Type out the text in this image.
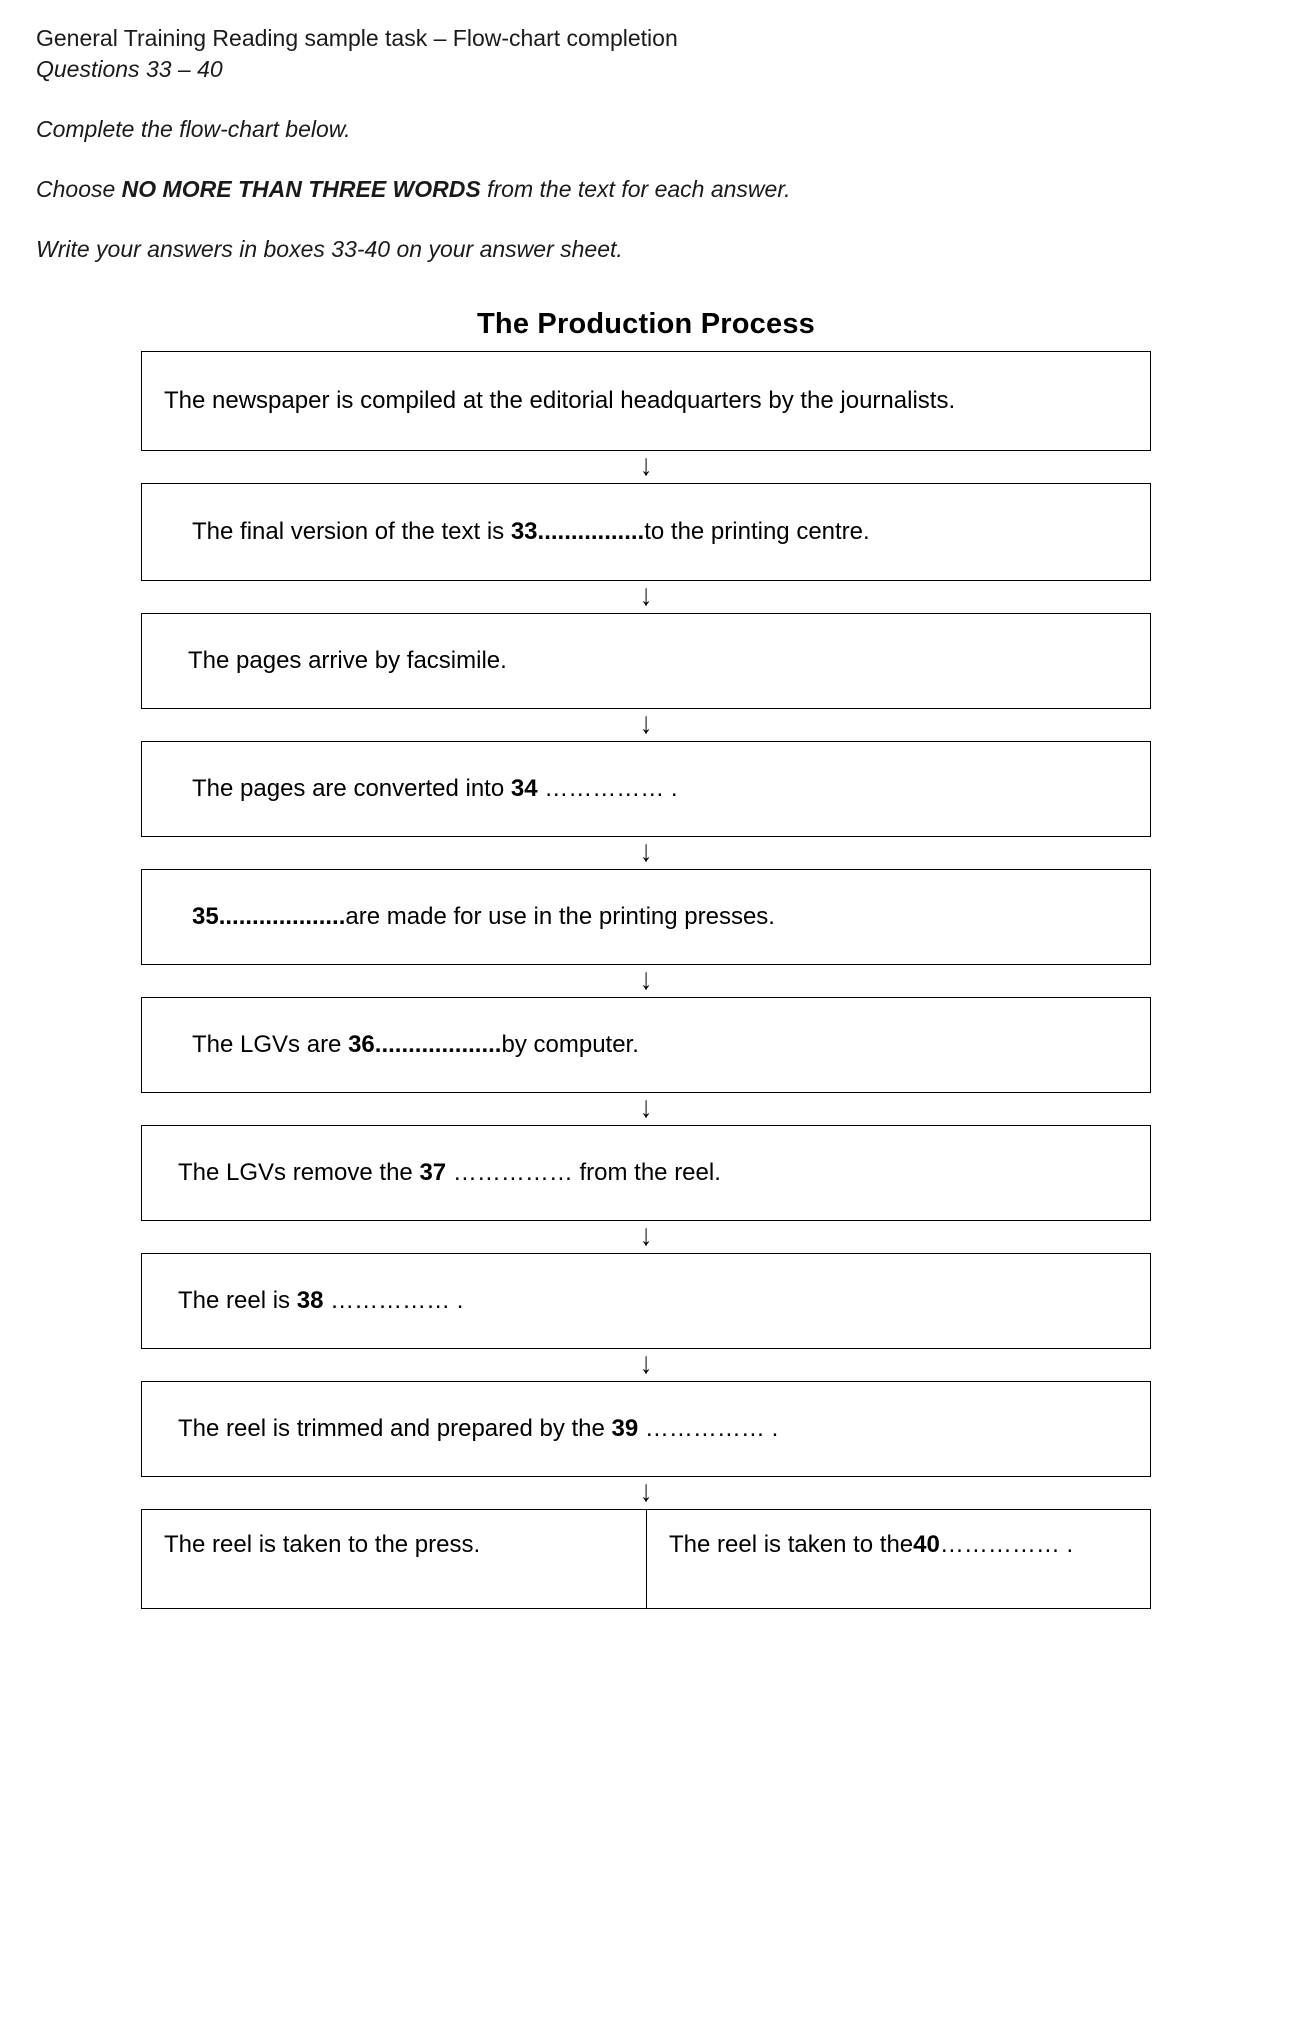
General Training Reading sample task – Flow-chart completion
Questions 33 – 40
Complete the flow-chart below.
Choose NO MORE THAN THREE WORDS from the text for each answer.
Write your answers in boxes 33-40 on your answer sheet.
The Production Process
The newspaper is compiled at the editorial headquarters by the journalists.
↓
The final version of the text is 33................to the printing centre.
↓
The pages arrive by facsimile.
↓
The pages are converted into 34 …………… .
↓
35...................are made for use in the printing presses.
↓
The LGVs are 36...................by computer.
↓
The LGVs remove the 37 …………… from the reel.
↓
The reel is 38 …………… .
↓
The reel is trimmed and prepared by the 39 …………… .
↓
The reel is taken to the press.	The reel is taken to the 40 …………… .
